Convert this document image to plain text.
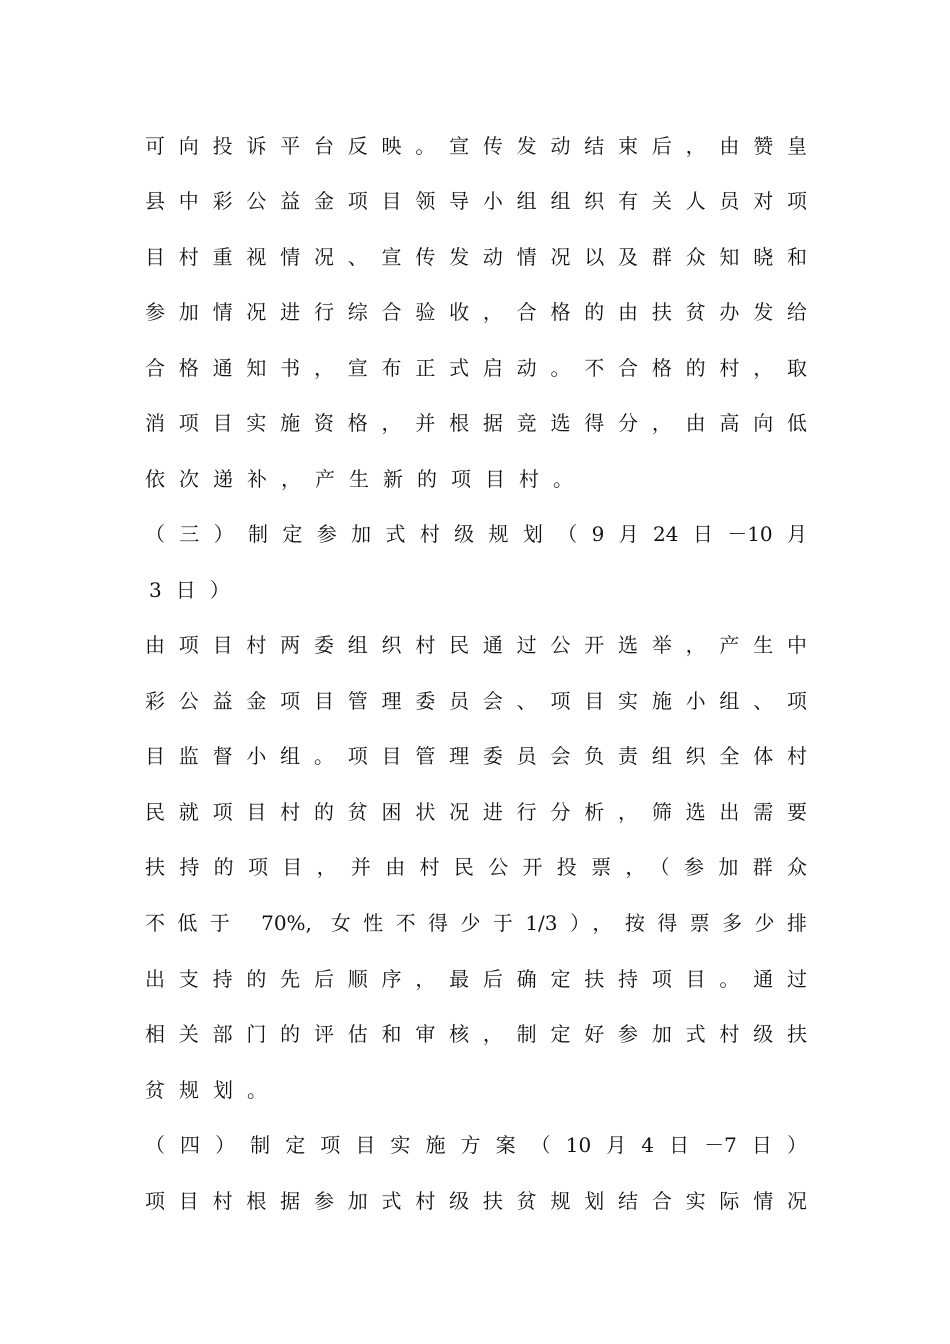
可向投诉平台反映。宣传发动结束后，由赞皇

县中彩公益金项目领导小组组织有关人员对项

目村重视情况、宣传发动情况以及群众知晓和

参加情况进行综合验收，合格的由扶贫办发给

合格通知书，宣布正式启动。不合格的村，取

消项目实施资格，并根据竞选得分，由高向低

依次递补，产生新的项目村。

（三）制定参加式村级规划（9月24日－10月

3日）

由项目村两委组织村民通过公开选举，产生中

彩公益金项目管理委员会、项目实施小组、项

目监督小组。项目管理委员会负责组织全体村

民就项目村的贫困状况进行分析，筛选出需要

扶持的项目，并由村民公开投票，（参加群众

不低于 70%, 女性不得少于1/3），按得票多少排

出支持的先后顺序，最后确定扶持项目。通过

相关部门的评估和审核，制定好参加式村级扶

贫规划。

（四）制定项目实施方案（10月4日－7日）

项目村根据参加式村级扶贫规划结合实际情况
